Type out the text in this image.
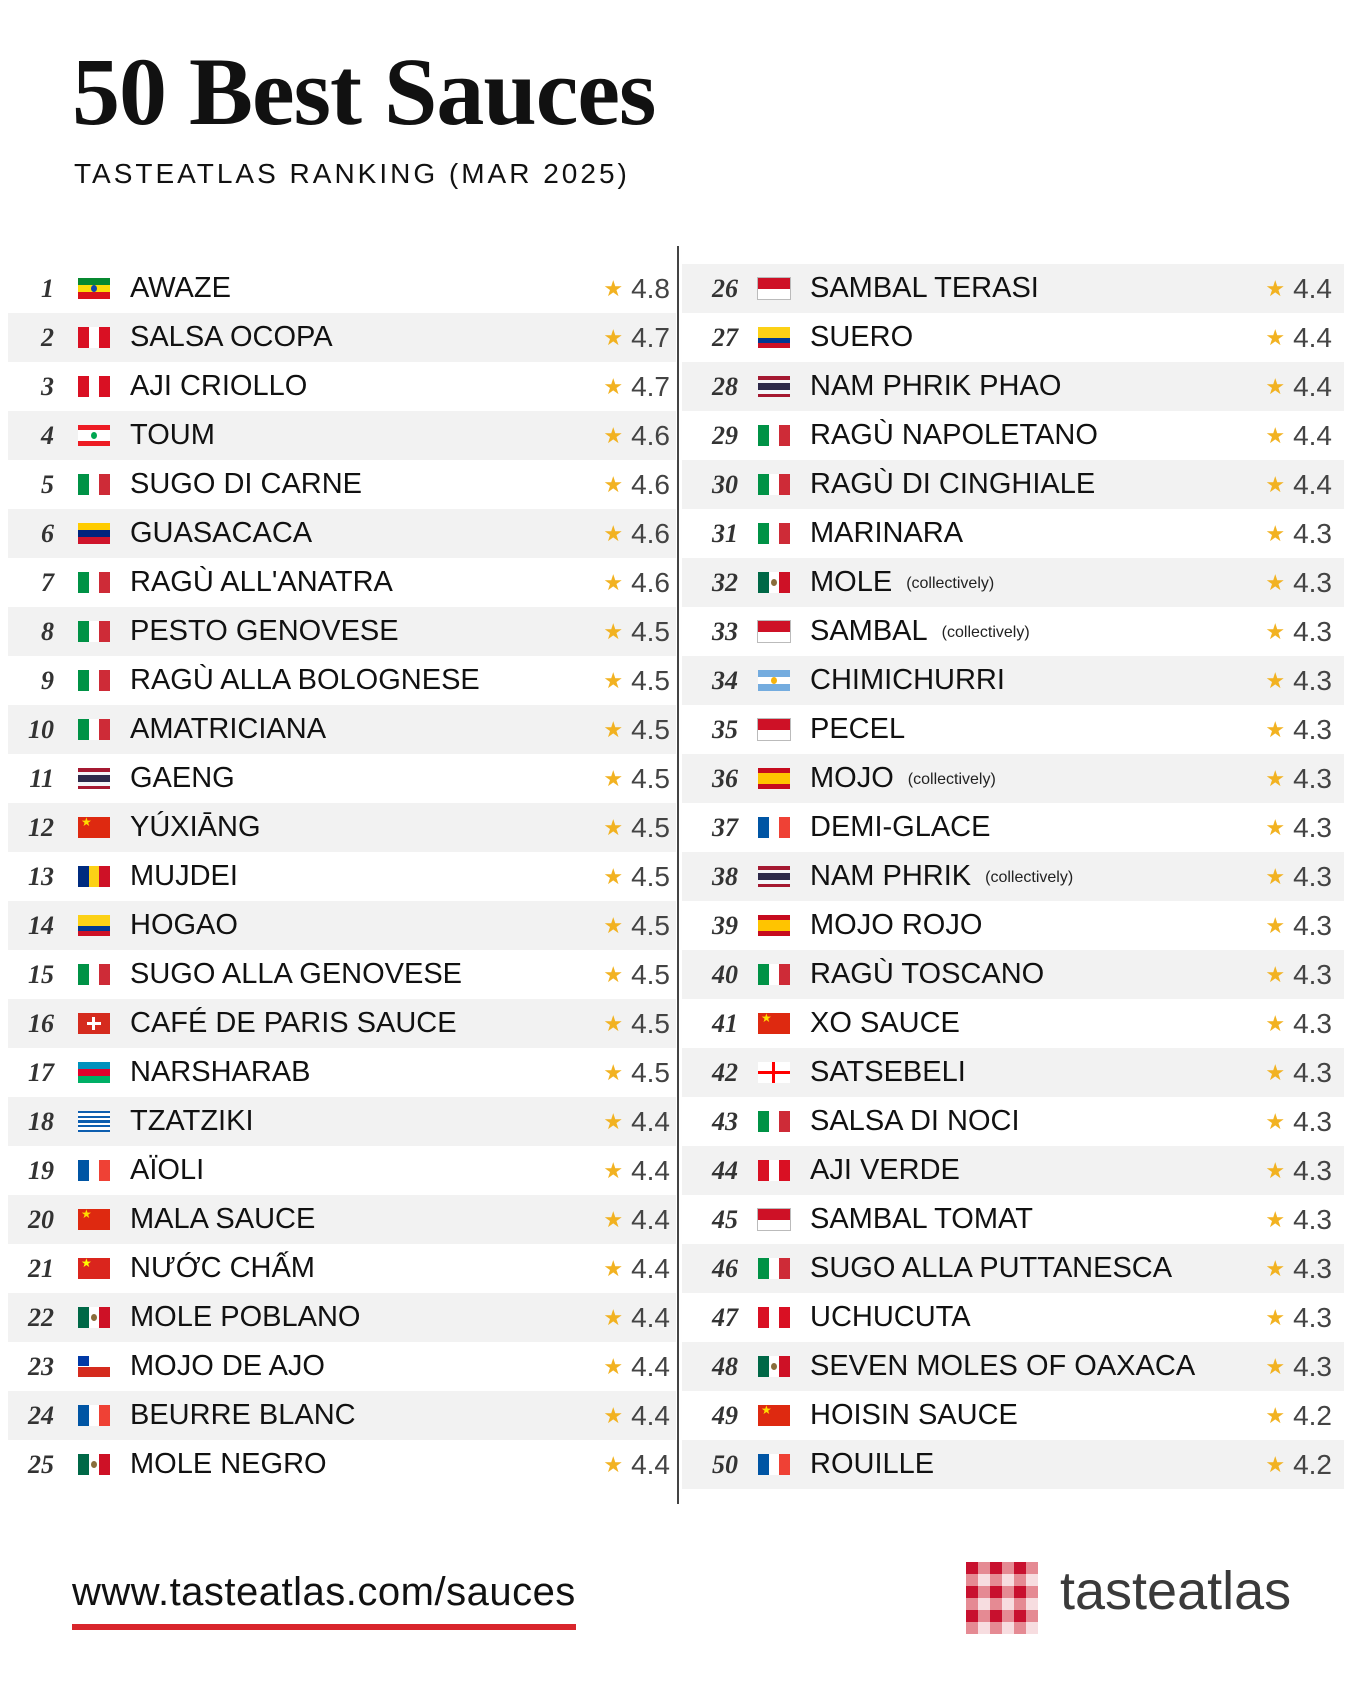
50 Best Sauces
TASTEATLAS RANKING (MAR 2025)
1	AWAZE	★ 4.8
2	SALSA OCOPA	★ 4.7
3	AJI CRIOLLO	★ 4.7
4	TOUM	★ 4.6
5	SUGO DI CARNE	★ 4.6
6	GUASACACA	★ 4.6
7	RAGÙ ALL'ANATRA	★ 4.6
8	PESTO GENOVESE	★ 4.5
9	RAGÙ ALLA BOLOGNESE	★ 4.5
10	AMATRICIANA	★ 4.5
11	GAENG	★ 4.5
12 ★ YÚXIĀNG	★ 4.5
13	MUJDEI	★ 4.5
14	HOGAO	★ 4.5
15	SUGO ALLA GENOVESE	★ 4.5
16	CAFÉ DE PARIS SAUCE	★ 4.5
17	NARSHARAB	★ 4.5
18	TZATZIKI	★ 4.4
19	AÏOLI	★ 4.4
20 ★ MALA SAUCE	★ 4.4
21 ★ NƯỚC CHẤM	★ 4.4
22	MOLE POBLANO	★ 4.4
23	MOJO DE AJO	★ 4.4
24	BEURRE BLANC	★ 4.4
25	MOLE NEGRO	★ 4.4
26 SAMBAL TERASI	★ 4.4
27 SUERO	★ 4.4
28 NAM PHRIK PHAO	★ 4.4
29 RAGÙ NAPOLETANO	★ 4.4
30 RAGÙ DI CINGHIALE	★ 4.4
31 MARINARA	★ 4.3
32 MOLE (collectively)	★ 4.3
33 SAMBAL (collectively)	★ 4.3
34 CHIMICHURRI	★ 4.3
35 PECEL	★ 4.3
36 MOJO (collectively)	★ 4.3
37 DEMI-GLACE	★ 4.3
38 NAM PHRIK (collectively)	★ 4.3
39 MOJO ROJO	★ 4.3
40 RAGÙ TOSCANO	★ 4.3
41 ★ XO SAUCE	★ 4.3
42 SATSEBELI	★ 4.3
43 SALSA DI NOCI	★ 4.3
44 AJI VERDE	★ 4.3
45 SAMBAL TOMAT	★ 4.3
46 SUGO ALLA PUTTANESCA	★ 4.3
47 UCHUCUTA	★ 4.3
48 SEVEN MOLES OF OAXACA	★ 4.3
49 ★ HOISIN SAUCE	★ 4.2
50 ROUILLE	★ 4.2
www.tasteatlas.com/sauces	tasteatlas
